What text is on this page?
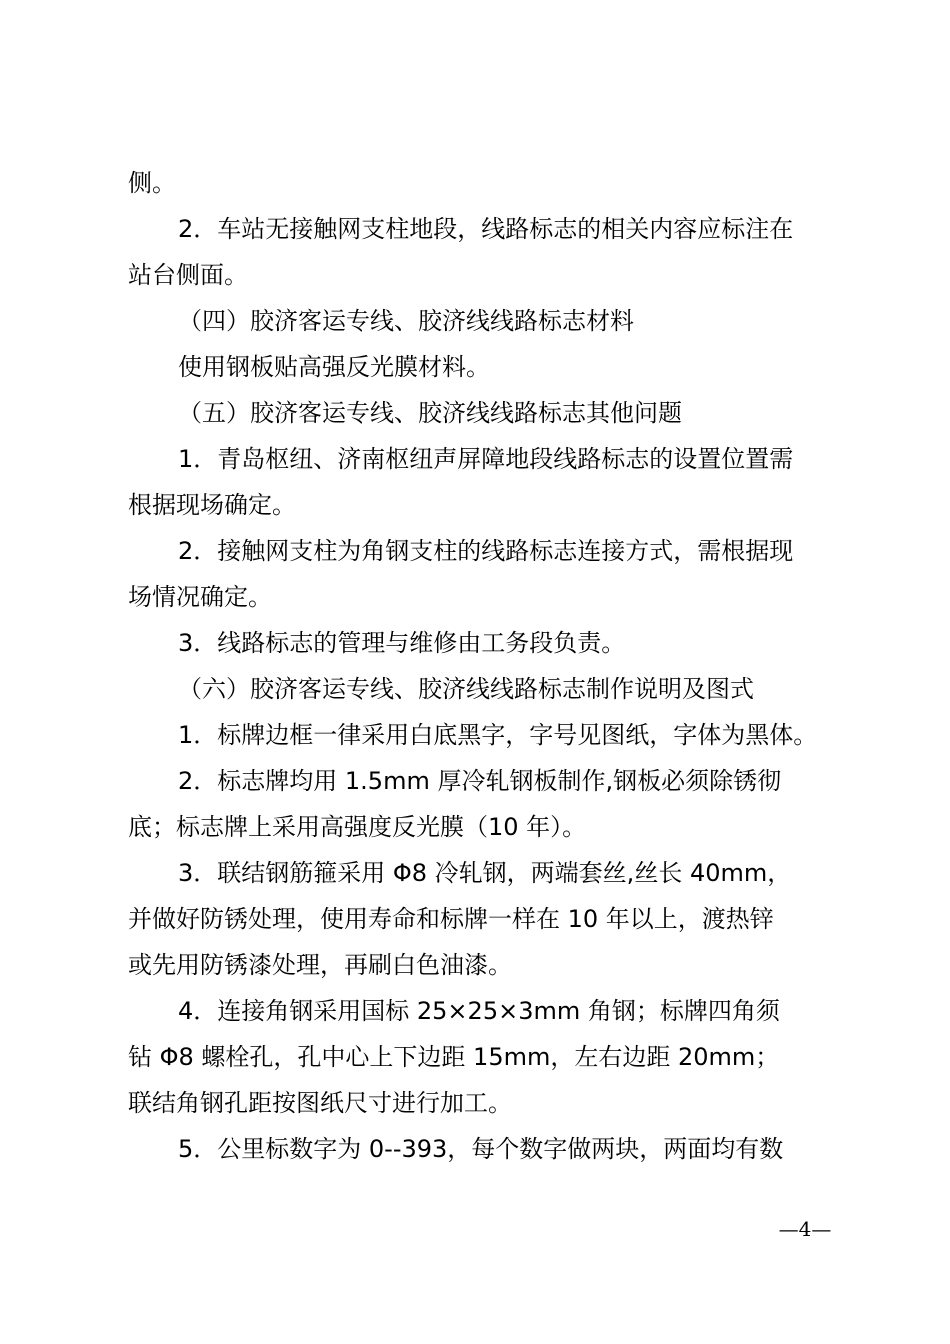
侧。
2．车站无接触网支柱地段，线路标志的相关内容应标注在
站台侧面。
（四）胶济客运专线、胶济线线路标志材料
使用钢板贴高强反光膜材料。
（五）胶济客运专线、胶济线线路标志其他问题
1．青岛枢纽、济南枢纽声屏障地段线路标志的设置位置需
根据现场确定。
2．接触网支柱为角钢支柱的线路标志连接方式，需根据现
场情况确定。
3．线路标志的管理与维修由工务段负责。
（六）胶济客运专线、胶济线线路标志制作说明及图式
1．标牌边框一律采用白底黑字，字号见图纸，字体为黑体。
2．标志牌均用 1.5mm 厚冷轧钢板制作,钢板必须除锈彻
底；标志牌上采用高强度反光膜（10 年）。
3．联结钢筋箍采用 Φ8 冷轧钢，两端套丝,丝长 40mm，
并做好防锈处理，使用寿命和标牌一样在 10 年以上，渡热锌
或先用防锈漆处理，再刷白色油漆。
4．连接角钢采用国标 25×25×3mm 角钢；标牌四角须
钻 Φ8 螺栓孔，孔中心上下边距 15mm，左右边距 20mm；
联结角钢孔距按图纸尺寸进行加工。
5．公里标数字为 0--393，每个数字做两块，两面均有数
—4—
